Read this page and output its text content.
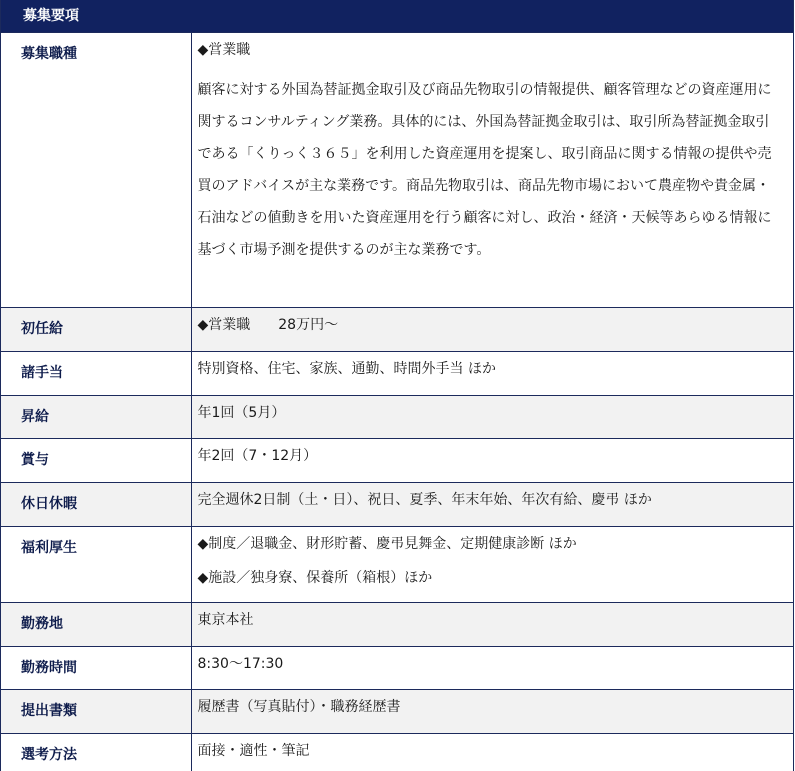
募集要項
募集職種	◆営業職
顧客に対する外国為替証拠金取引及び商品先物取引の情報提供、顧客管理などの資産運用に関するコンサルティング業務。具体的には、外国為替証拠金取引は、取引所為替証拠金取引である「くりっく３６５」を利用した資産運用を提案し、取引商品に関する情報の提供や売買のアドバイスが主な業務です。商品先物取引は、商品先物市場において農産物や貴金属・石油などの値動きを用いた資産運用を行う顧客に対し、政治・経済・天候等あらゆる情報に基づく市場予測を提供するのが主な業務です。

初任給	◆営業職　　28万円〜

諸手当	特別資格、住宅、家族、通勤、時間外手当 ほか

昇給	年1回（5月）

賞与	年2回（7・12月）

休日休暇	完全週休2日制（土・日）、祝日、夏季、年末年始、年次有給、慶弔 ほか

福利厚生	◆制度／退職金、財形貯蓄、慶弔見舞金、定期健康診断 ほか
◆施設／独身寮、保養所（箱根）ほか

勤務地	東京本社

勤務時間	8:30〜17:30

提出書類	履歴書（写真貼付）・職務経歴書

選考方法	面接・適性・筆記
